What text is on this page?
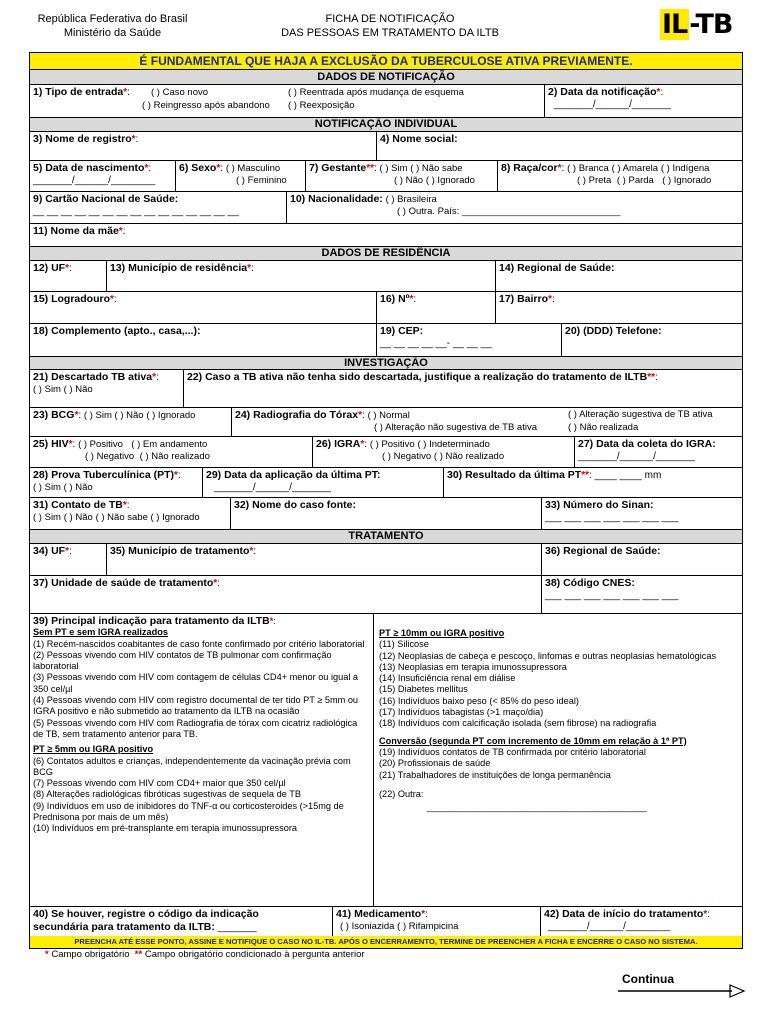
República Federativa do Brasil
Ministério da Saúde
FICHA DE NOTIFICAÇÃO
DAS PESSOAS EM TRATAMENTO DA ILTB	IL-TB
É FUNDAMENTAL QUE HAJA A EXCLUSÃO DA TUBERCULOSE ATIVA PREVIAMENTE.
DADOS DE NOTIFICAÇÃO
1) Tipo de entrada*: ( ) Caso novo	( ) Reentrada após mudança de esquema
( ) Reingresso após abandono ( ) Reexposição
2) Data da notificação*:
_______/______/_______
NOTIFICAÇÃO INDIVIDUAL
3) Nome de registro*:	4) Nome social:
5) Data de nascimento*:
_______/______/________
6) Sexo*: ( ) Masculino
( ) Feminino
7) Gestante**: ( ) Sim ( ) Não sabe
( ) Não ( ) Ignorado
8) Raça/cor*: ( ) Branca ( ) Amarela ( ) Indígena
( ) Preta ( ) Parda ( ) Ignorado
9) Cartão Nacional de Saúde:
__ __ __ __ __ __ __ __ __ __ __ __ __ __ __
10) Nacionalidade: ( ) Brasileira
( ) Outra. País: ______________________________
11) Nome da mãe*:
DADOS DE RESIDÊNCIA
12) UF*:	13) Município de residência*:	14) Regional de Saúde:
15) Logradouro*:	16) Nº*:	17) Bairro*:
18) Complemento (apto., casa,...):	19) CEP:
__ __ __ __ __- __ __ __
20) (DDD) Telefone:
INVESTIGAÇÃO
21) Descartado TB ativa*:
( ) Sim ( ) Não
22) Caso a TB ativa não tenha sido descartada, justifique a realização do tratamento de ILTB**:
23) BCG*: ( ) Sim ( ) Não ( ) Ignorado	24) Radiografia do Tórax*: ( ) Normal	( ) Alteração sugestiva de TB ativa
( ) Alteração não sugestiva de TB ativa	( ) Não realizada
25) HIV*: ( ) Positivo ( ) Em andamento
( ) Negativo ( ) Não realizado
26) IGRA*: ( ) Positivo ( ) Indeterminado
( ) Negativo ( ) Não realizado
27) Data da coleta do IGRA:
_______/______/_______
28) Prova Tuberculínica (PT)*:
( ) Sim ( ) Não
29) Data da aplicação da última PT:
_______/______/_______
30) Resultado da última PT**: ____ ____ mm
31) Contato de TB*:
( ) Sim ( ) Não ( ) Não sabe ( ) Ignorado
32) Nome do caso fonte:	33) Número do Sinan:
___ ___ ___ ___ ___ ___ ___
TRATAMENTO
34) UF*:	35) Município de tratamento*:	36) Regional de Saúde:
37) Unidade de saúde de tratamento*:	38) Código CNES:
___ ___ ___ ___ ___ ___ ___
39) Principal indicação para tratamento da ILTB*:
Sem PT e sem IGRA realizados
(1) Recém-nascidos coabitantes de caso fonte confirmado por critério laboratorial
(2) Pessoas vivendo com HIV contatos de TB pulmonar com confirmação laboratorial
(3) Pessoas vivendo com HIV com contagem de células CD4+ menor ou igual a 350 cel/µl
(4) Pessoas vivendo com HIV com registro documental de ter tido PT ≥ 5mm ou IGRA positivo e não submetido ao tratamento da ILTB na ocasião
(5) Pessoas vivendo com HIV com Radiografia de tórax com cicatriz radiológica de TB, sem tratamento anterior para TB.
PT ≥ 5mm ou IGRA positivo
(6) Contatos adultos e crianças, independentemente da vacinação prévia com BCG
(7) Pessoas vivendo com HIV com CD4+ maior que 350 cel/µl
(8) Alterações radiológicas fibróticas sugestivas de sequela de TB
(9) Indivíduos em uso de inibidores do TNF-α ou corticosteroides (>15mg de Prednisona por mais de um mês)
(10) Indivíduos em pré-transplante em terapia imunossupressora
PT ≥ 10mm ou IGRA positivo
(11) Silicose
(12) Neoplasias de cabeça e pescoço, linfomas e outras neoplasias hematológicas
(13) Neoplasias em terapia imunossupressora
(14) Insuficiência renal em diálise
(15) Diabetes mellitus
(16) Indivíduos baixo peso (< 85% do peso ideal)
(17) Indivíduos tabagistas (>1 maço/dia)
(18) Indivíduos com calcificação isolada (sem fibrose) na radiografia
Conversão (segunda PT com incremento de 10mm em relação à 1ª PT)
(19) Indivíduos contatos de TB confirmada por critério laboratorial
(20) Profissionais de saúde
(21) Trabalhadores de instituições de longa permanência
(22) Outra:
___________________________________________
40) Se houver, registre o código da indicação
secundária para tratamento da ILTB: _______
41) Medicamento*:
( ) Isoniazida ( ) Rifampicina
42) Data de início do tratamento*:
_______/______/________
PREENCHA ATÉ ESSE PONTO, ASSINE E NOTIFIQUE O CASO NO IL-TB. APÓS O ENCERRAMENTO, TERMINE DE PREENCHER A FICHA E ENCERRE O CASO NO SISTEMA.
* Campo obrigatório ** Campo obrigatório condicionado à pergunta anterior
Continua
